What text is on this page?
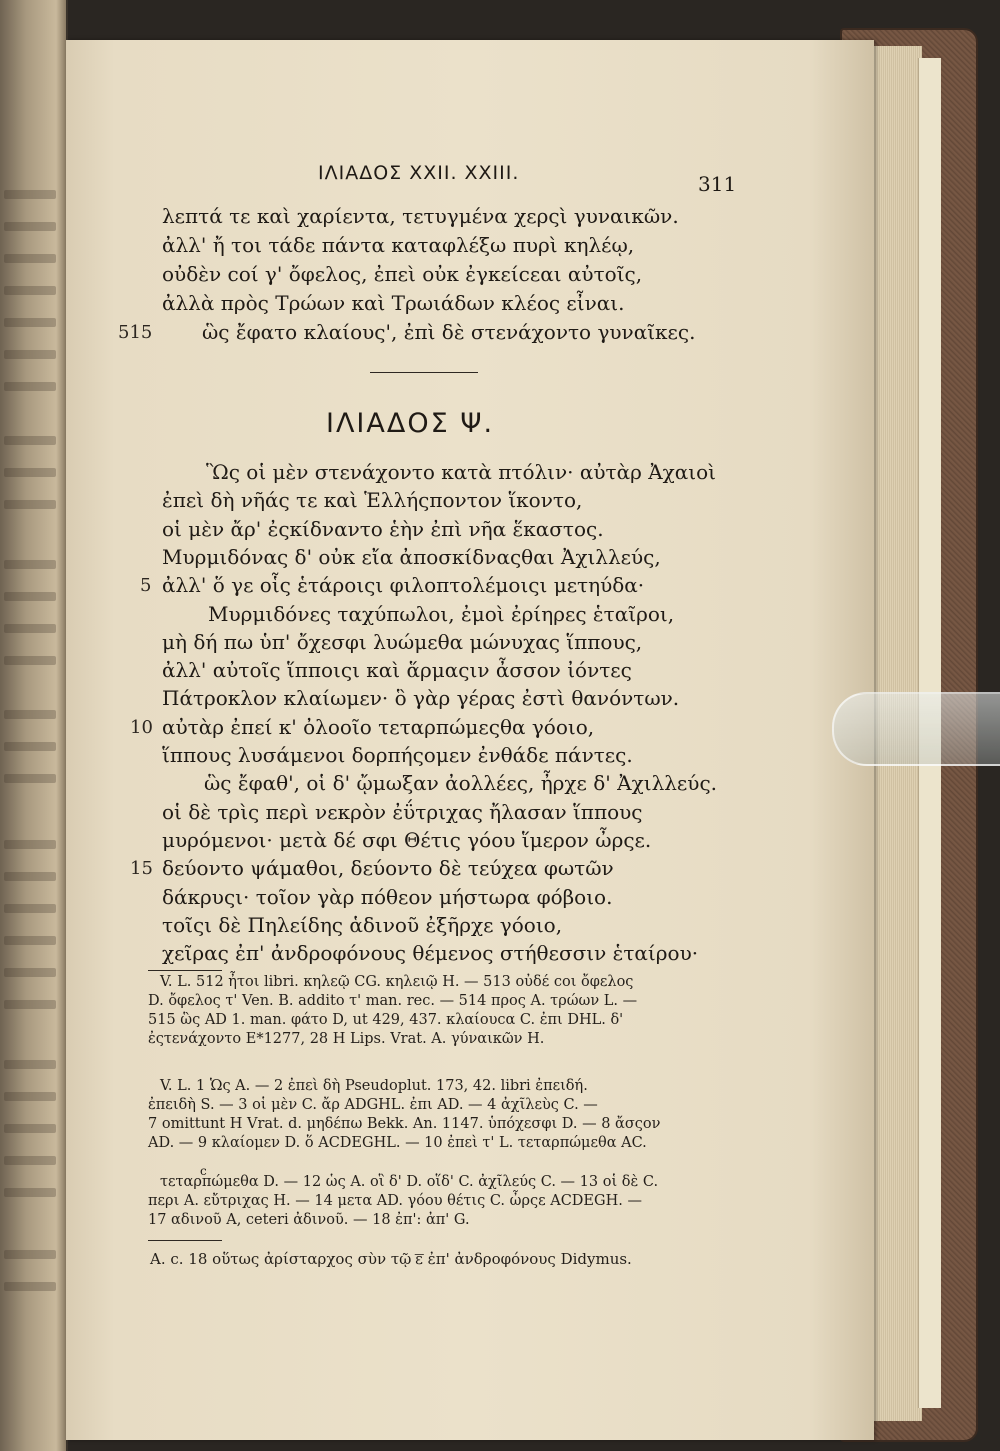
ΙΛΙΑΔΟΣ XXII. XXIII.	311
λεπτά τε καὶ χαρίεντα, τετυγμένα χερςὶ γυναικῶν.
ἀλλ' ἤ τοι τάδε πάντα καταφλέξω πυρὶ κηλέῳ,
οὐδὲν coί γ' ὄφελος, ἐπεὶ οὐκ ἐγκείcεαι αὐτοῖς,
ἀλλὰ πρὸς Τρώων καὶ Τρωιάδων κλέος εἶναι.
ὣς ἔφατο κλαίους', ἐπὶ δὲ στενάχοντο γυναῖκες.
515
ΙΛΙΑΔΟΣ Ψ.
Ὣς οἱ μὲν στενάχοντο κατὰ πτόλιν· αὐτὰρ Ἀχαιοὶ
ἐπεὶ δὴ νῆάς τε καὶ Ἑλλήςποντον ἵκοντο,
οἱ μὲν ἄρ' ἐςκίδναντο ἑὴν ἐπὶ νῆα ἕκαστος.
Μυρμιδόνας δ' οὐκ εἴα ἀποσκίδναςθαι Ἀχιλλεύς,
ἀλλ' ὅ γε οἷς ἑτάροιςι φιλοπτολέμοιςι μετηύδα·
5
Μυρμιδόνες ταχύπωλοι, ἐμοὶ ἐρίηρες ἑταῖροι,
μὴ δή πω ὑπ' ὄχεσφι λυώμεθα μώνυχας ἵππους,
ἀλλ' αὐτοῖς ἵπποιςι καὶ ἅρμαςιν ἆσσον ἰόντες
Πάτροκλον κλαίωμεν· ὃ γὰρ γέρας ἐστὶ θανόντων.
αὐτὰρ ἐπεί κ' ὀλοοῖο τεταρπώμεςθα γόοιο,
10
ἵππους λυσάμενοι δορπήςομεν ἐνθάδε πάντες.
ὣς ἔφαθ', οἱ δ' ᾤμωξαν ἀολλέες, ἦρχε δ' Ἀχιλλεύς.
οἱ δὲ τρὶς περὶ νεκρὸν ἐΰτριχας ἤλασαν ἵππους
μυρόμενοι· μετὰ δέ σφι Θέτις γόου ἵμερον ὦρςε.
δεύοντο ψάμαθοι, δεύοντο δὲ τεύχεα φωτῶν
15
δάκρυςι· τοῖον γὰρ πόθεον μήστωρα φόβοιο.
τοῖςι δὲ Πηλείδης ἁδινοῦ ἐξῆρχε γόοιο,
χεῖρας ἐπ' ἀνδροφόνους θέμενος στήθεσσιν ἑταίρου·
V. L. 512 ἦτοι libri. κηλεῷ CG. κηλειῷ H. — 513 οὐδέ coι ὄφελος
D. ὄφελος τ' Ven. B. addito τ' man. rec. — 514 προς A. τρώων L. —
515 ὣς AD 1. man. φάτο D, ut 429, 437. κλαίουcα C. ἐπι DHL. δ'
ἐςτενάχοντο E*1277, 28 H Lips. Vrat. A. γύναικῶν H.
V. L. 1 Ὡς A. — 2 ἐπεὶ δὴ Pseudoplut. 173, 42. libri ἐπειδή.
ἐπειδὴ S. — 3 οἱ μὲν C. ἄρ ADGHL. ἐπι AD. — 4 ἀχῖλεὺς C. —
7 omittunt H Vrat. d. μηδέπω Bekk. An. 1147. ὑπόχεσφι D. — 8 ἄσςον
AD. — 9 κλαίομεν D. ὅ ACDEGHL. — 10 ἐπεὶ τ' L. τεταρπώμεθα AC.
c
τεταρπώμεθα D. — 12 ὡς A. οἳ δ' D. οἵδ' C. ἀχῖλεύς C. — 13 οἱ δὲ C.
περι A. εὔτριχας H. — 14 μετα AD. γόου θέτις C. ὦρςε ACDEGH. —
17 αδινοῦ A, ceteri ἀδινοῦ. — 18 ἐπ': ἀπ' G.
A. c. 18 οὕτως ἀρίσταρχος σὺν τῷ ͞ε ἐπ' ἀνδροφόνους Didymus.
